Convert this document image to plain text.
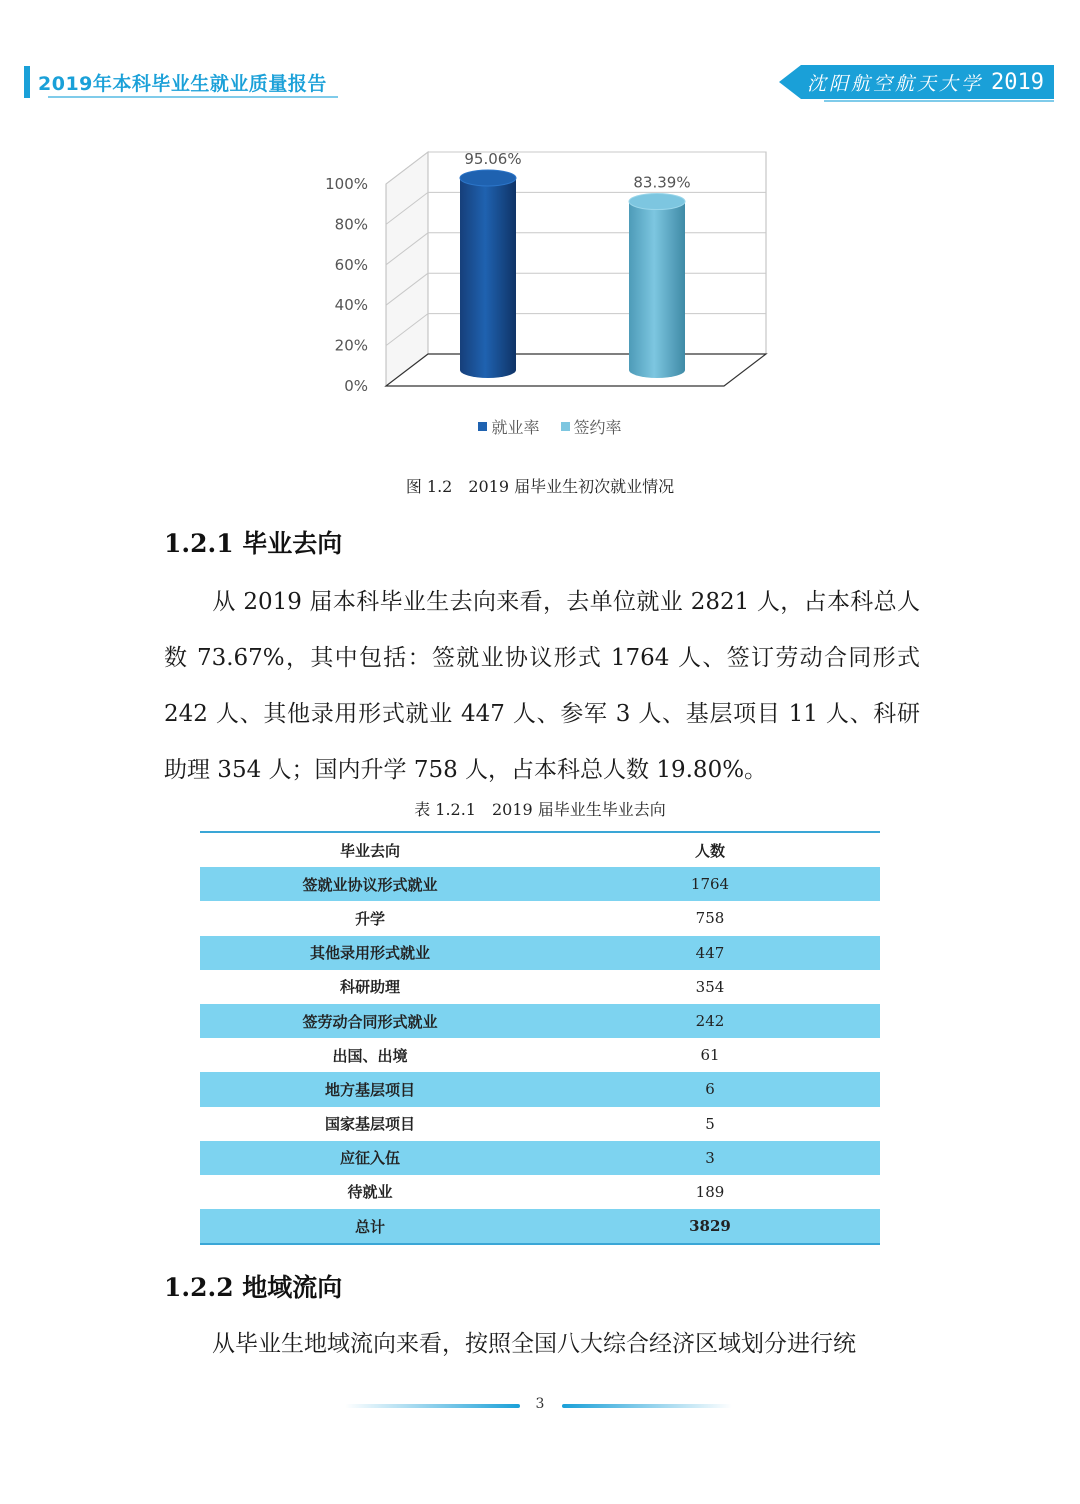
2019年本科毕业生就业质量报告	沈阳航空航天大学 2019
100%
80%
60%
40%
20%
0%
95.06%
83.39%
就业率
签约率
图 1.2　2019 届毕业生初次就业情况
1.2.1 毕业去向
从 2019 届本科毕业生去向来看，去单位就业 2821 人，占本科总人数 73.67%，其中包括：签就业协议形式 1764 人、签订劳动合同形式 242 人、其他录用形式就业 447 人、参军 3 人、基层项目 11 人、科研助理 354 人；国内升学 758 人，占本科总人数 19.80%。
表 1.2.1　2019 届毕业生毕业去向
毕业去向	人数
签就业协议形式就业	1764
升学	758
其他录用形式就业	447
科研助理	354
签劳动合同形式就业	242
出国、出境	61
地方基层项目	6
国家基层项目	5
应征入伍	3
待就业	189
总计	3829
1.2.2 地域流向
从毕业生地域流向来看，按照全国八大综合经济区域划分进行统
3
